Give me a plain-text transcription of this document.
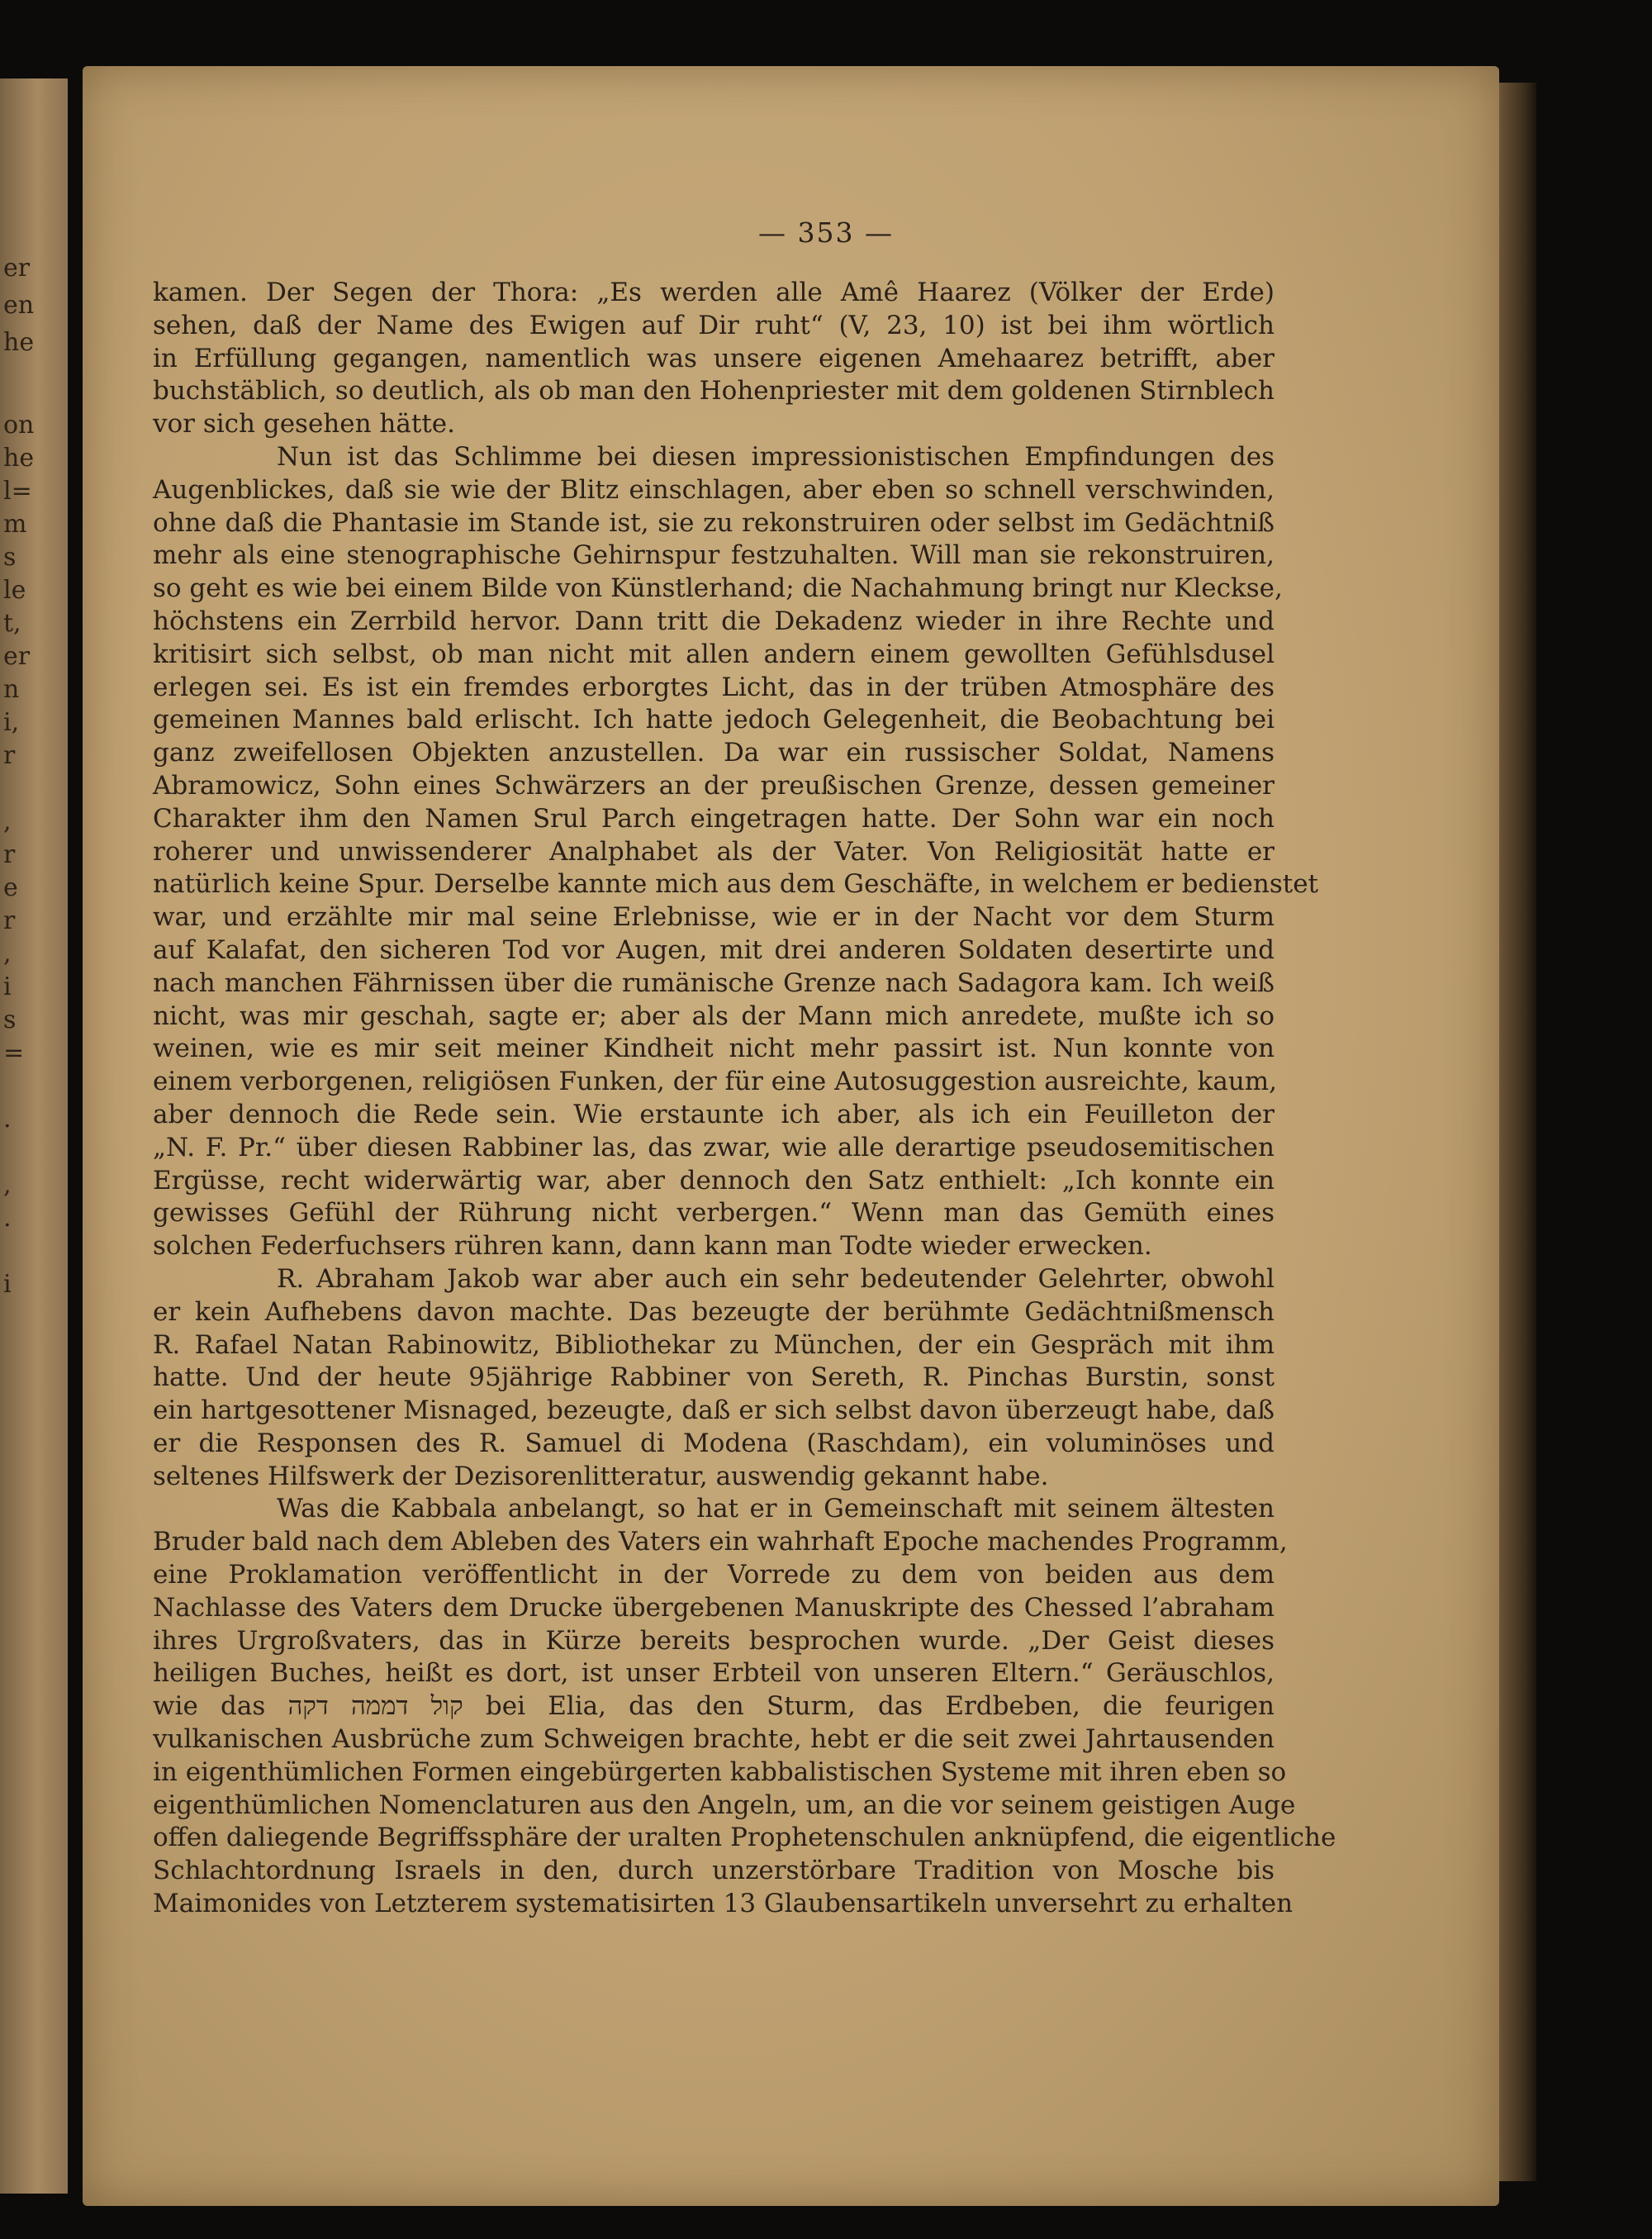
er
en
he
on
he
l=
m
s
le
t,
er
n
i,
r
,
r
e
r
,
i
s
=
.
,
.
i
— 353 —
kamen. Der Segen der Thora: „Es werden alle Amê Haarez (Völker der Erde)
sehen, daß der Name des Ewigen auf Dir ruht“ (V, 23, 10) ist bei ihm wörtlich
in Erfüllung gegangen, namentlich was unsere eigenen Amehaarez betrifft, aber
buchstäblich, so deutlich, als ob man den Hohenpriester mit dem goldenen Stirnblech
vor sich gesehen hätte.
Nun ist das Schlimme bei diesen impressionistischen Empfindungen des
Augenblickes, daß sie wie der Blitz einschlagen, aber eben so schnell verschwinden,
ohne daß die Phantasie im Stande ist, sie zu rekonstruiren oder selbst im Gedächtniß
mehr als eine stenographische Gehirnspur festzuhalten. Will man sie rekonstruiren,
so geht es wie bei einem Bilde von Künstlerhand; die Nachahmung bringt nur Kleckse,
höchstens ein Zerrbild hervor. Dann tritt die Dekadenz wieder in ihre Rechte und
kritisirt sich selbst, ob man nicht mit allen andern einem gewollten Gefühlsdusel
erlegen sei. Es ist ein fremdes erborgtes Licht, das in der trüben Atmosphäre des
gemeinen Mannes bald erlischt. Ich hatte jedoch Gelegenheit, die Beobachtung bei
ganz zweifellosen Objekten anzustellen. Da war ein russischer Soldat, Namens
Abramowicz, Sohn eines Schwärzers an der preußischen Grenze, dessen gemeiner
Charakter ihm den Namen Srul Parch eingetragen hatte. Der Sohn war ein noch
roherer und unwissenderer Analphabet als der Vater. Von Religiosität hatte er
natürlich keine Spur. Derselbe kannte mich aus dem Geschäfte, in welchem er bedienstet
war, und erzählte mir mal seine Erlebnisse, wie er in der Nacht vor dem Sturm
auf Kalafat, den sicheren Tod vor Augen, mit drei anderen Soldaten desertirte und
nach manchen Fährnissen über die rumänische Grenze nach Sadagora kam. Ich weiß
nicht, was mir geschah, sagte er; aber als der Mann mich anredete, mußte ich so
weinen, wie es mir seit meiner Kindheit nicht mehr passirt ist. Nun konnte von
einem verborgenen, religiösen Funken, der für eine Autosuggestion ausreichte, kaum,
aber dennoch die Rede sein. Wie erstaunte ich aber, als ich ein Feuilleton der
„N. F. Pr.“ über diesen Rabbiner las, das zwar, wie alle derartige pseudosemitischen
Ergüsse, recht widerwärtig war, aber dennoch den Satz enthielt: „Ich konnte ein
gewisses Gefühl der Rührung nicht verbergen.“ Wenn man das Gemüth eines
solchen Federfuchsers rühren kann, dann kann man Todte wieder erwecken.
R. Abraham Jakob war aber auch ein sehr bedeutender Gelehrter, obwohl
er kein Aufhebens davon machte. Das bezeugte der berühmte Gedächtnißmensch
R. Rafael Natan Rabinowitz, Bibliothekar zu München, der ein Gespräch mit ihm
hatte. Und der heute 95jährige Rabbiner von Sereth, R. Pinchas Burstin, sonst
ein hartgesottener Misnaged, bezeugte, daß er sich selbst davon überzeugt habe, daß
er die Responsen des R. Samuel di Modena (Raschdam), ein voluminöses und
seltenes Hilfswerk der Dezisorenlitteratur, auswendig gekannt habe.
Was die Kabbala anbelangt, so hat er in Gemeinschaft mit seinem ältesten
Bruder bald nach dem Ableben des Vaters ein wahrhaft Epoche machendes Programm,
eine Proklamation veröffentlicht in der Vorrede zu dem von beiden aus dem
Nachlasse des Vaters dem Drucke übergebenen Manuskripte des Chessed l’abraham
ihres Urgroßvaters, das in Kürze bereits besprochen wurde. „Der Geist dieses
heiligen Buches, heißt es dort, ist unser Erbteil von unseren Eltern.“ Geräuschlos,
wie das קול דממה דקה bei Elia, das den Sturm, das Erdbeben, die feurigen
vulkanischen Ausbrüche zum Schweigen brachte, hebt er die seit zwei Jahrtausenden
in eigenthümlichen Formen eingebürgerten kabbalistischen Systeme mit ihren eben so
eigenthümlichen Nomenclaturen aus den Angeln, um, an die vor seinem geistigen Auge
offen daliegende Begriffssphäre der uralten Prophetenschulen anknüpfend, die eigentliche
Schlachtordnung Israels in den, durch unzerstörbare Tradition von Mosche bis
Maimonides von Letzterem systematisirten 13 Glaubensartikeln unversehrt zu erhalten
